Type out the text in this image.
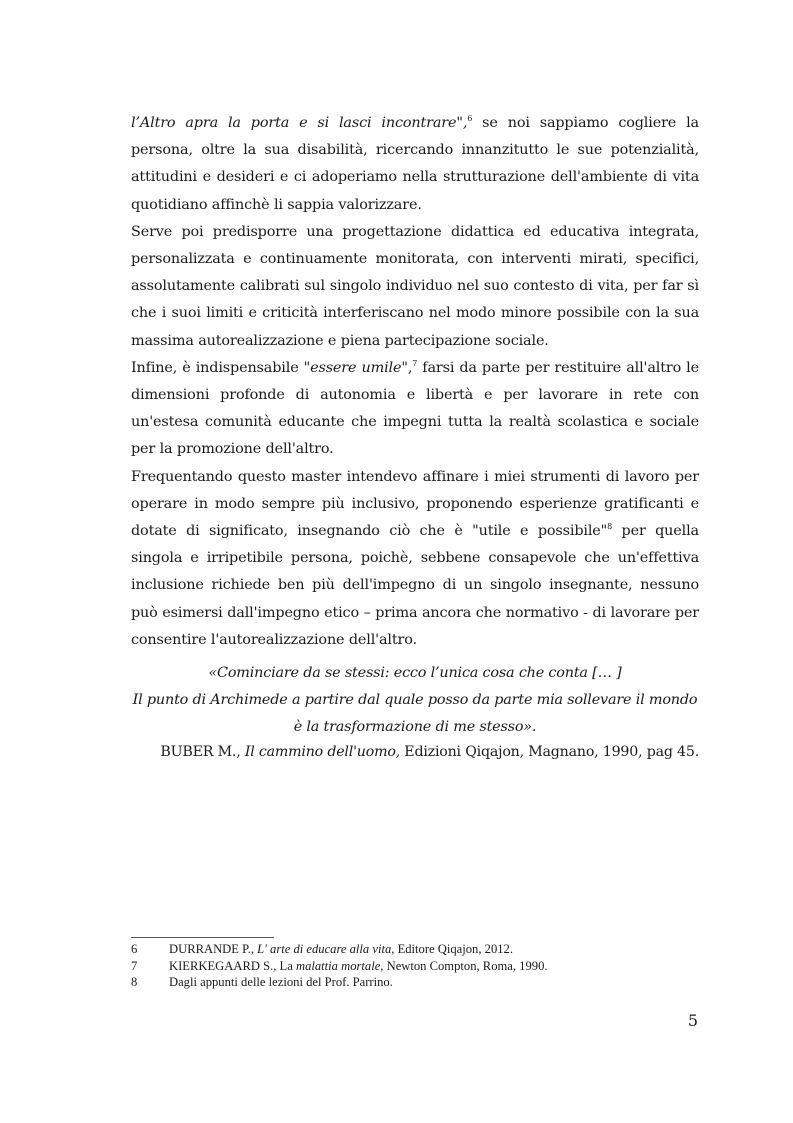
l’Altro apra la porta e si lasci incontrare",$^6$ se noi sappiamo cogliere la persona, oltre la sua disabilità, ricercando innanzitutto le sue potenzialità, attitudini e desideri e ci adoperiamo nella strutturazione dell'ambiente di vita quotidiano affinchè li sappia valorizzare.

Serve poi predisporre una progettazione didattica ed educativa integrata, personalizzata e continuamente monitorata, con interventi mirati, specifici, assolutamente calibrati sul singolo individuo nel suo contesto di vita, per far sì che i suoi limiti e criticità interferiscano nel modo minore possibile con la sua massima autorealizzazione e piena partecipazione sociale.

Infine, è indispensabile "essere umile",$^7$ farsi da parte per restituire all'altro le dimensioni profonde di autonomia e libertà e per lavorare in rete con un'estesa comunità educante che impegni tutta la realtà scolastica e sociale per la promozione dell'altro.

Frequentando questo master intendevo affinare i miei strumenti di lavoro per operare in modo sempre più inclusivo, proponendo esperienze gratificanti e dotate di significato, insegnando ciò che è "utile e possibile"$^8$ per quella singola e irripetibile persona, poichè, sebbene consapevole che un'effettiva inclusione richiede ben più dell'impegno di un singolo insegnante, nessuno può esimersi dall'impegno etico – prima ancora che normativo - di lavorare per consentire l'autorealizzazione dell'altro.

«Cominciare da se stessi: ecco l’unica cosa che conta [… ]
Il punto di Archimede a partire dal quale posso da parte mia sollevare il mondo
è la trasformazione di me stesso».
BUBER M., Il cammino dell'uomo, Edizioni Qiqajon, Magnano, 1990, pag 45.
6	DURRANDE P., L' arte di educare alla vita, Editore Qiqajon, 2012.
7	KIERKEGAARD S., La malattia mortale, Newton Compton, Roma, 1990.
8	Dagli appunti delle lezioni del Prof. Parrino.
5
